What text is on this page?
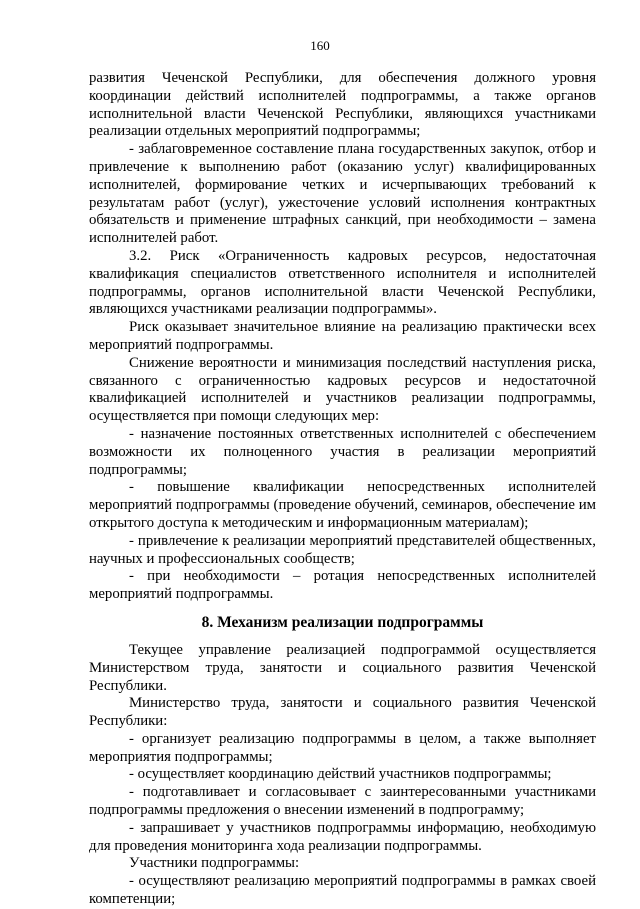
160

развития Чеченской Республики, для обеспечения должного уровня координации действий исполнителей подпрограммы, а также органов исполнительной власти Чеченской Республики, являющихся участниками реализации отдельных мероприятий подпрограммы;

- заблаговременное составление плана государственных закупок, отбор и привлечение к выполнению работ (оказанию услуг) квалифицированных исполнителей, формирование четких и исчерпывающих требований к результатам работ (услуг), ужесточение условий исполнения контрактных обязательств и применение штрафных санкций, при необходимости – замена исполнителей работ.

3.2. Риск «Ограниченность кадровых ресурсов, недостаточная квалификация специалистов ответственного исполнителя и исполнителей подпрограммы, органов исполнительной власти Чеченской Республики, являющихся участниками реализации подпрограммы».

Риск оказывает значительное влияние на реализацию практически всех мероприятий подпрограммы.

Снижение вероятности и минимизация последствий наступления риска, связанного с ограниченностью кадровых ресурсов и недостаточной квалификацией исполнителей и участников реализации подпрограммы, осуществляется при помощи следующих мер:

- назначение постоянных ответственных исполнителей с обеспечением возможности их полноценного участия в реализации мероприятий подпрограммы;

- повышение квалификации непосредственных исполнителей мероприятий подпрограммы (проведение обучений, семинаров, обеспечение им открытого доступа к методическим и информационным материалам);

- привлечение к реализации мероприятий представителей общественных, научных и профессиональных сообществ;

- при необходимости – ротация непосредственных исполнителей мероприятий подпрограммы.

8. Механизм реализации подпрограммы

Текущее управление реализацией подпрограммой осуществляется Министерством труда, занятости и социального развития Чеченской Республики.

Министерство труда, занятости и социального развития Чеченской Республики:

- организует реализацию подпрограммы в целом, а также выполняет мероприятия подпрограммы;

- осуществляет координацию действий участников подпрограммы;

- подготавливает и согласовывает с заинтересованными участниками подпрограммы предложения о внесении изменений в подпрограмму;

- запрашивает у участников подпрограммы информацию, необходимую для проведения мониторинга хода реализации подпрограммы.

Участники подпрограммы:

- осуществляют реализацию мероприятий подпрограммы в рамках своей компетенции;
